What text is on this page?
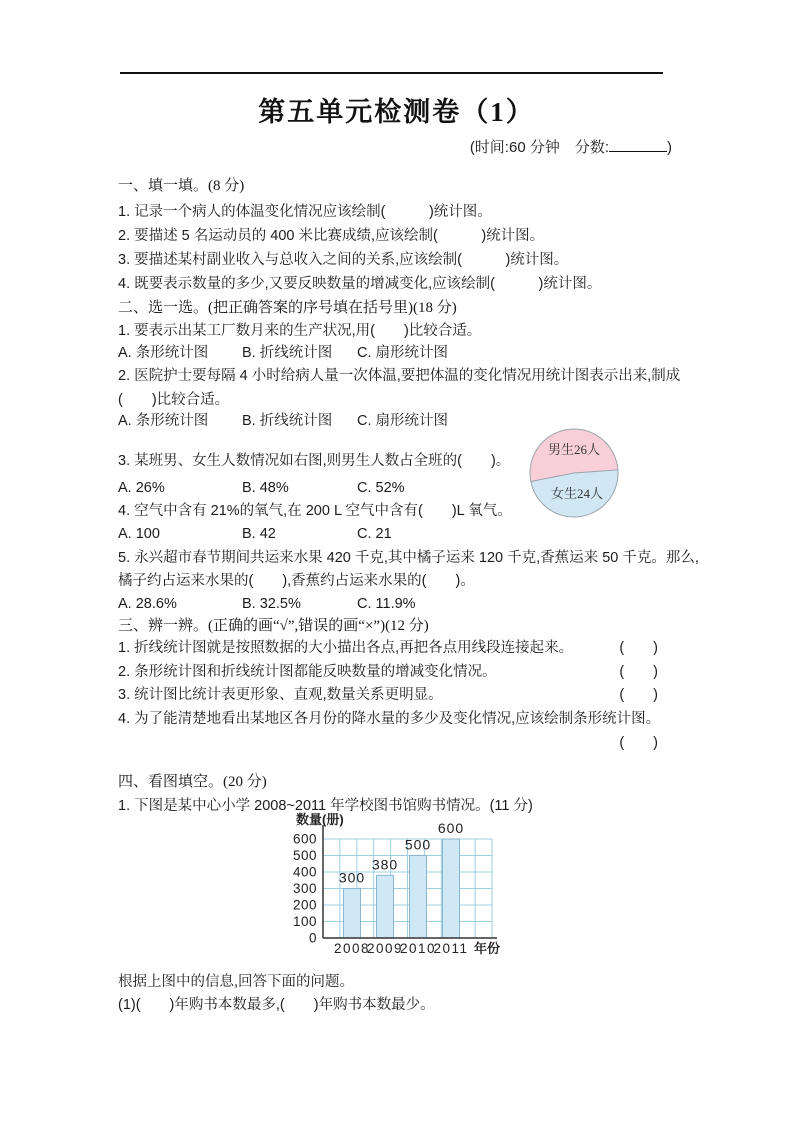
第五单元检测卷（1）
(时间:60 分钟　分数:	)
一、填一填。(8 分)
1. 记录一个病人的体温变化情况应该绘制(　　　)统计图。
2. 要描述 5 名运动员的 400 米比赛成绩,应该绘制(　　　)统计图。
3. 要描述某村副业收入与总收入之间的关系,应该绘制(　　　)统计图。
4. 既要表示数量的多少,又要反映数量的增减变化,应该绘制(　　　)统计图。
二、选一选。(把正确答案的序号填在括号里)(18 分)
1. 要表示出某工厂数月来的生产状况,用(　　)比较合适。
A. 条形统计图	B. 折线统计图	C. 扇形统计图
2. 医院护士要每隔 4 小时给病人量一次体温,要把体温的变化情况用统计图表示出来,制成
(　　)比较合适。
A. 条形统计图	B. 折线统计图	C. 扇形统计图
3. 某班男、女生人数情况如右图,则男生人数占全班的(　　)。
A. 26%	B. 48%	C. 52%
4. 空气中含有 21%的氧气,在 200 L 空气中含有(　　)L 氧气。
A. 100	B. 42	C. 21
5. 永兴超市春节期间共运来水果 420 千克,其中橘子运来 120 千克,香蕉运来 50 千克。那么,
橘子约占运来水果的(　　),香蕉约占运来水果的(　　)。
A. 28.6%	B. 32.5%	C. 11.9%
男生26人
女生24人
三、辨一辨。(正确的画“√”,错误的画“×”)(12 分)
1. 折线统计图就是按照数据的大小描出各点,再把各点用线段连接起来。	(　　)
2. 条形统计图和折线统计图都能反映数量的增减变化情况。	(　　)
3. 统计图比统计表更形象、直观,数量关系更明显。	(　　)
4. 为了能清楚地看出某地区各月份的降水量的多少及变化情况,应该绘制条形统计图。
(　　)
四、看图填空。(20 分)
1. 下图是某中心小学 2008~2011 年学校图书馆购书情况。(11 分)
300
2008
380
2009
500
2010
600
2011
0
100
200
300
400
500
600
数量(册)
年份
根据上图中的信息,回答下面的问题。
(1)(　　)年购书本数最多,(　　)年购书本数最少。
